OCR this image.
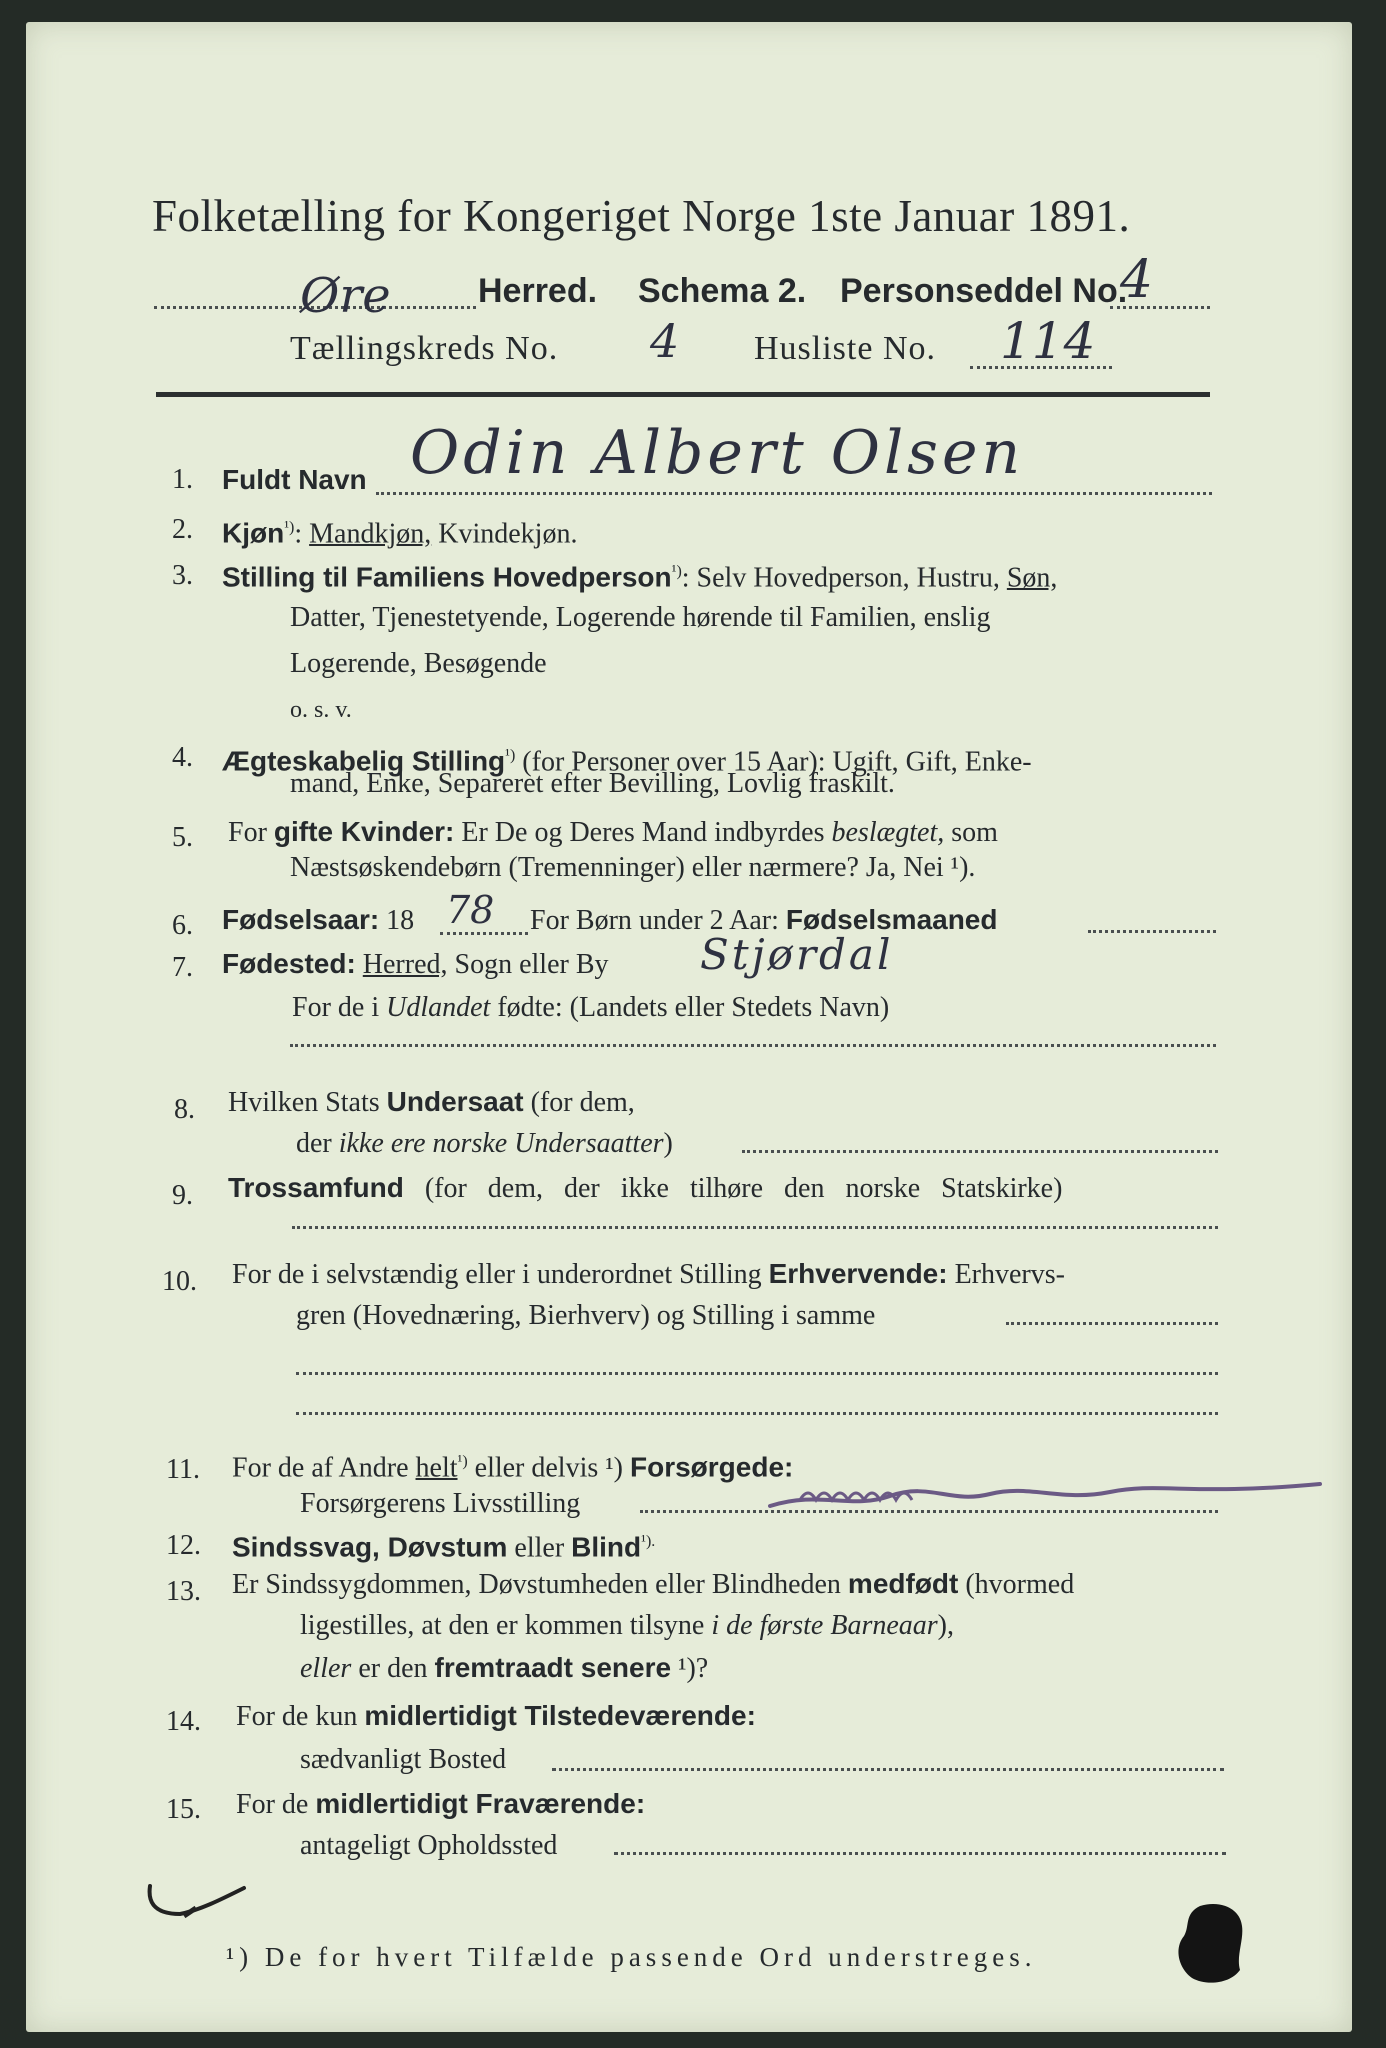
Folketælling for Kongeriget Norge 1ste Januar 1891.
Øre	Herred. Schema 2. Personseddel No.
4
Tællingskreds No. 4 Husliste No. 114
1. Fuldt Navn Odin Albert Olsen
2. Kjøn$^{^1)}$: Mandkjøn, Kvindekjøn.
3. Stilling til Familiens Hovedperson$^{^1)}$: Selv Hovedperson, Hustru, Søn,
Datter, Tjenestetyende, Logerende hørende til Familien, enslig
Logerende, Besøgende
o. s. v.
4. Ægteskabelig Stilling$^{^1)}$ (for Personer over 15 Aar): Ugift, Gift, Enke-
mand, Enke, Separeret efter Bevilling, Lovlig fraskilt.
5. For gifte Kvinder: Er De og Deres Mand indbyrdes beslægtet, som
Næstsøskendebørn (Tremenninger) eller nærmere? Ja, Nei ¹).
6. Fødselsaar: 18 78 For Børn under 2 Aar: Fødselsmaaned
7. Fødested: Herred, Sogn eller By Stjørdal
For de i Udlandet fødte: (Landets eller Stedets Navn)
8. Hvilken Stats Undersaat (for dem,
der ikke ere norske Undersaatter)
9. Trossamfund (for dem, der ikke tilhøre den norske Statskirke)
10. For de i selvstændig eller i underordnet Stilling Erhvervende: Erhvervs-
gren (Hovednæring, Bierhverv) og Stilling i samme
11. For de af Andre helt$^{^1)}$ eller delvis ¹) Forsørgede:
Forsørgerens Livsstilling
12. Sindssvag, Døvstum eller Blind$^{^1).}$
13. Er Sindssygdommen, Døvstumheden eller Blindheden medfødt (hvormed
ligestilles, at den er kommen tilsyne i de første Barneaar),
eller er den fremtraadt senere ¹)?
14. For de kun midlertidigt Tilstedeværende:
sædvanligt Bosted
15. For de midlertidigt Fraværende:
antageligt Opholdssted
¹) De for hvert Tilfælde passende Ord understreges.
